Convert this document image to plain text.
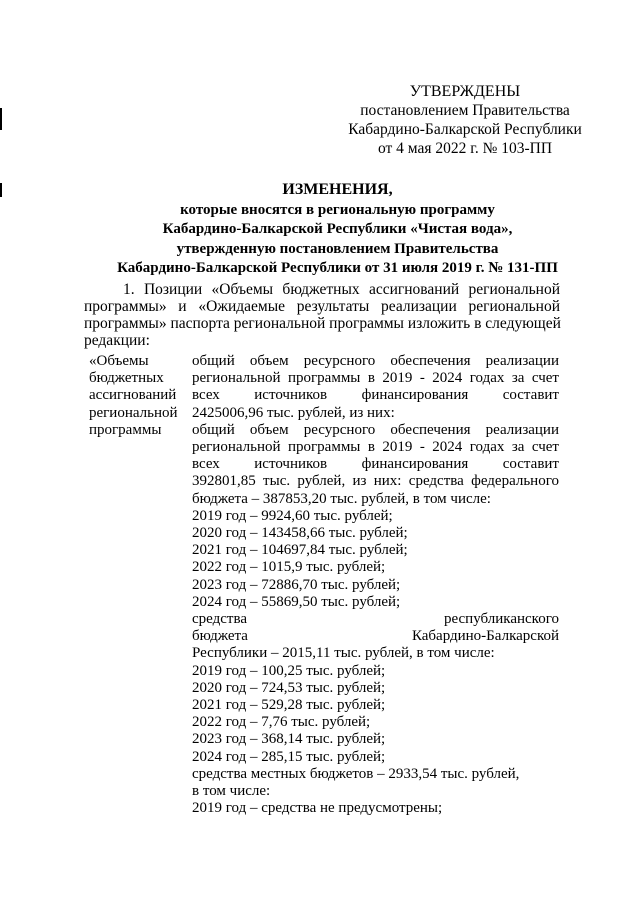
УТВЕРЖДЕНЫ
постановлением Правительства
Кабардино-Балкарской Республики
от 4 мая 2022 г. № 103-ПП
ИЗМЕНЕНИЯ,
которые вносятся в региональную программу
Кабардино-Балкарской Республики «Чистая вода»,
утвержденную постановлением Правительства
Кабардино-Балкарской Республики от 31 июля 2019 г. № 131-ПП
1. Позиции «Объемы бюджетных ассигнований региональной
программы» и «Ожидаемые результаты реализации региональной
программы» паспорта региональной программы изложить в следующей
редакции:
«Объемы
бюджетных
ассигнований
региональной
программы
общий объем ресурсного обеспечения реализации
региональной программы в 2019 - 2024 годах за счет
всех источников финансирования составит
2425006,96 тыс. рублей, из них:
общий объем ресурсного обеспечения реализации
региональной программы в 2019 - 2024 годах за счет
всех источников финансирования составит
392801,85 тыс. рублей, из них: средства федерального
бюджета – 387853,20 тыс. рублей, в том числе:
2019 год – 9924,60 тыс. рублей;
2020 год – 143458,66 тыс. рублей;
2021 год – 104697,84 тыс. рублей;
2022 год – 1015,9 тыс. рублей;
2023 год – 72886,70 тыс. рублей;
2024 год – 55869,50 тыс. рублей;
средства республиканского
бюджета Кабардино-Балкарской
Республики – 2015,11 тыс. рублей, в том числе:
2019 год – 100,25 тыс. рублей;
2020 год – 724,53 тыс. рублей;
2021 год – 529,28 тыс. рублей;
2022 год – 7,76 тыс. рублей;
2023 год – 368,14 тыс. рублей;
2024 год – 285,15 тыс. рублей;
средства местных бюджетов – 2933,54 тыс. рублей,
в том числе:
2019 год – средства не предусмотрены;
